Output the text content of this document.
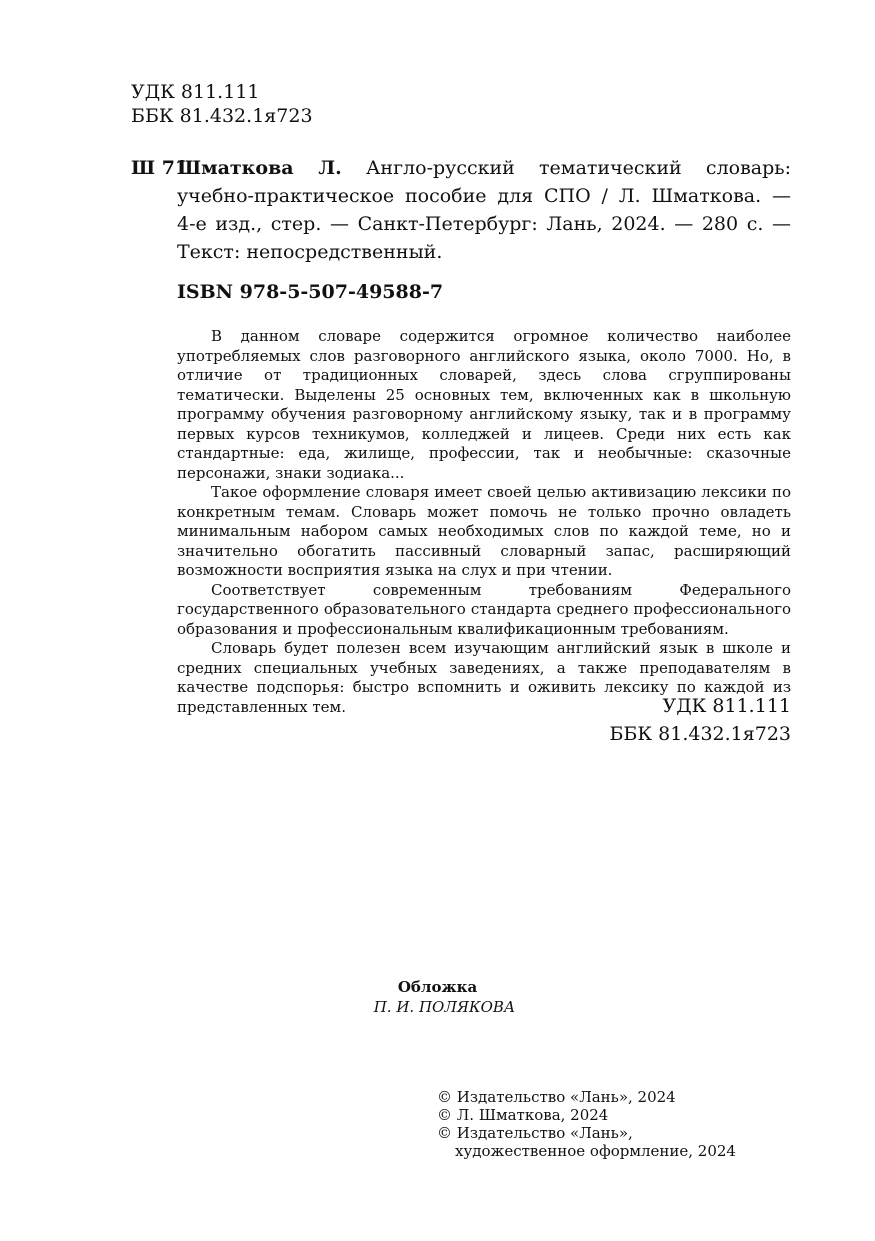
УДК 811.111
ББК 81.432.1я723
Ш 71
Шматкова Л. Англо-русский тематический словарь:
учебно-практическое пособие для СПО / Л. Шматкова. —
4-е изд., стер. — Санкт-Петербург: Лань, 2024. — 280 с. —
Текст: непосредственный.
ISBN 978-5-507-49588-7

В данном словаре содержится огромное количество наиболее употребляемых слов разговорного английского языка, около 7000. Но, в отличие от традиционных словарей, здесь слова сгруппированы тематически. Выделены 25 основных тем, включенных как в школьную программу обучения разговорному английскому языку, так и в программу первых курсов техникумов, колледжей и лицеев. Среди них есть как стандартные: еда, жилище, профессии, так и необычные: сказочные персонажи, знаки зодиака...

Такое оформление словаря имеет своей целью активизацию лексики по конкретным темам. Словарь может помочь не только прочно овладеть минимальным набором самых необходимых слов по каждой теме, но и значительно обогатить пассивный словарный запас, расширяющий возможности восприятия языка на слух и при чтении.

Соответствует современным требованиям Федерального государственного образовательного стандарта среднего профессионального образования и профессиональным квалификационным требованиям.

Словарь будет полезен всем изучающим английский язык в школе и средних специальных учебных заведениях, а также преподавателям в качестве подспорья: быстро вспомнить и оживить лексику по каждой из представленных тем.	УДК 811.111
ББК 81.432.1я723
Обложка
П. И. ПОЛЯКОВА
© Издательство «Лань», 2024
© Л. Шматкова, 2024
© Издательство «Лань»,
художественное оформление, 2024
